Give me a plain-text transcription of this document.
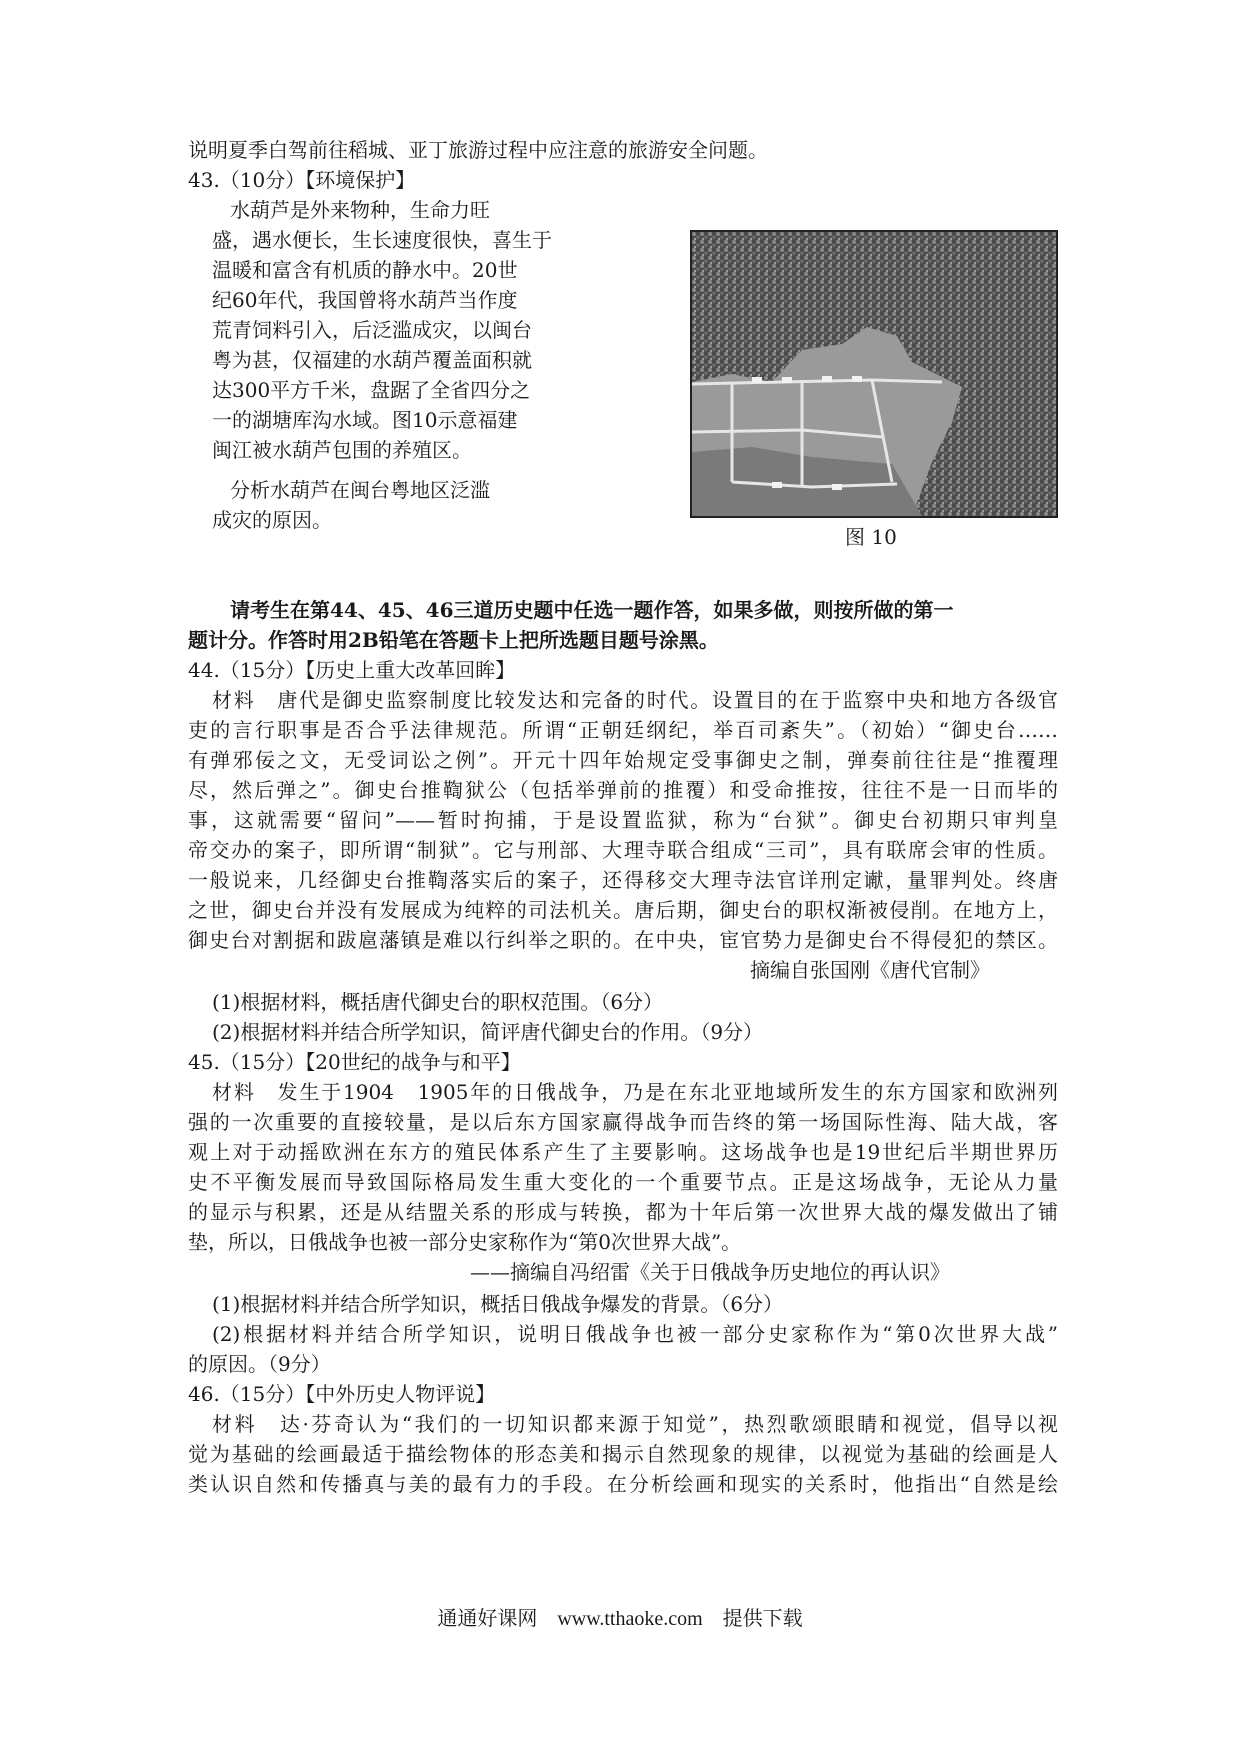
说明夏季白驾前往稻城、亚丁旅游过程中应注意的旅游安全问题。
43.（10分）【环境保护】
水葫芦是外来物种，生命力旺
盛，遇水便长，生长速度很快，喜生于
温暖和富含有机质的静水中。20世
纪60年代，我国曾将水葫芦当作度
荒青饲料引入，后泛滥成灾，以闽台
粤为甚，仅福建的水葫芦覆盖面积就
达300平方千米，盘踞了全省四分之
一的湖塘库沟水域。图10示意福建
闽江被水葫芦包围的养殖区。
分析水葫芦在闽台粤地区泛滥
成灾的原因。
图 10
请考生在第44、45、46三道历史题中任选一题作答，如果多做，则按所做的第一
题计分。作答时用2B铅笔在答题卡上把所选题目题号涂黑。
44.（15分）【历史上重大改革回眸】
材料　唐代是御史监察制度比较发达和完备的时代。设置目的在于监察中央和地方各级官
吏的言行职事是否合乎法律规范。所谓“正朝廷纲纪，举百司紊失”。（初始）“御史台……
有弹邪佞之文，无受词讼之例”。开元十四年始规定受事御史之制，弹奏前往往是“推覆理
尽，然后弹之”。御史台推鞫狱公（包括举弹前的推覆）和受命推按，往往不是一日而毕的
事，这就需要“留问”——暂时拘捕，于是设置监狱，称为“台狱”。御史台初期只审判皇
帝交办的案子，即所谓“制狱”。它与刑部、大理寺联合组成“三司”，具有联席会审的性质。
一般说来，几经御史台推鞫落实后的案子，还得移交大理寺法官详刑定谳，量罪判处。终唐
之世，御史台并没有发展成为纯粹的司法机关。唐后期，御史台的职权渐被侵削。在地方上，
御史台对割据和跋扈藩镇是难以行纠举之职的。在中央，宦官势力是御史台不得侵犯的禁区。
摘编自张国刚《唐代官制》
(1)根据材料，概括唐代御史台的职权范围。（6分）
(2)根据材料并结合所学知识，简评唐代御史台的作用。（9分）
45.（15分）【20世纪的战争与和平】
材料　发生于1904　1905年的日俄战争，乃是在东北亚地域所发生的东方国家和欧洲列
强的一次重要的直接较量，是以后东方国家赢得战争而告终的第一场国际性海、陆大战，客
观上对于动摇欧洲在东方的殖民体系产生了主要影响。这场战争也是19世纪后半期世界历
史不平衡发展而导致国际格局发生重大变化的一个重要节点。正是这场战争，无论从力量
的显示与积累，还是从结盟关系的形成与转换，都为十年后第一次世界大战的爆发做出了铺
垫，所以，日俄战争也被一部分史家称作为“第0次世界大战”。
——摘编自冯绍雷《关于日俄战争历史地位的再认识》
(1)根据材料并结合所学知识，概括日俄战争爆发的背景。（6分）
(2)根据材料并结合所学知识，说明日俄战争也被一部分史家称作为“第0次世界大战”
的原因。（9分）
46.（15分）【中外历史人物评说】
材料　达·芬奇认为“我们的一切知识都来源于知觉”，热烈歌颂眼睛和视觉，倡导以视
觉为基础的绘画最适于描绘物体的形态美和揭示自然现象的规律，以视觉为基础的绘画是人
类认识自然和传播真与美的最有力的手段。在分析绘画和现实的关系时，他指出“自然是绘
通通好课网　www.tthaoke.com　提供下载
